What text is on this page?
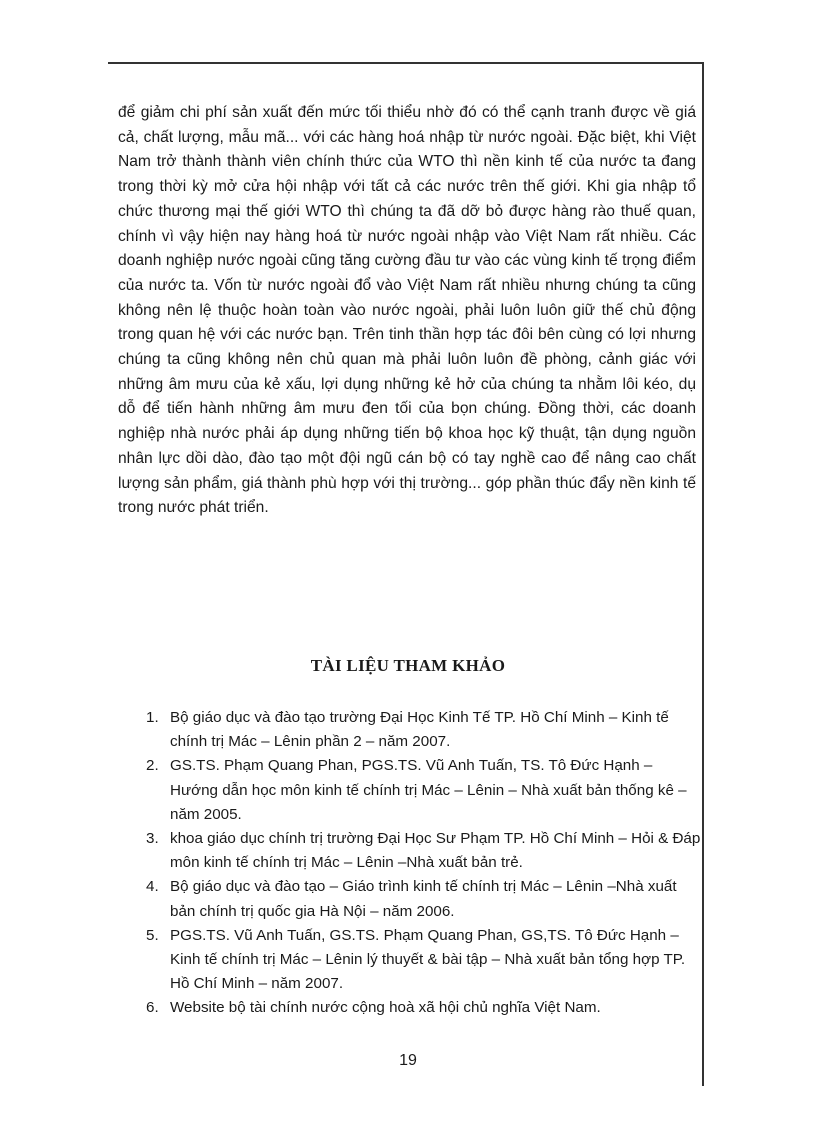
để giảm chi phí sản xuất đến mức tối thiểu nhờ đó có thể cạnh tranh được về giá cả, chất lượng, mẫu mã... với các hàng hoá nhập từ nước ngoài. Đặc biệt, khi Việt Nam trở thành thành viên chính thức của WTO thì nền kinh tế của nước ta đang trong thời kỳ mở cửa hội nhập với tất cả các nước trên thế giới. Khi gia nhập tổ chức thương mại thế giới WTO thì chúng ta đã dỡ bỏ được hàng rào thuế quan, chính vì vậy hiện nay hàng hoá từ nước ngoài nhập vào Việt Nam rất nhiều. Các doanh nghiệp nước ngoài cũng tăng cường đầu tư vào các vùng kinh tế trọng điểm của nước ta. Vốn từ nước ngoài đổ vào Việt Nam rất nhiều nhưng chúng ta cũng không nên lệ thuộc hoàn toàn vào nước ngoài, phải luôn luôn giữ thế chủ động trong quan hệ với các nước bạn. Trên tinh thần hợp tác đôi bên cùng có lợi nhưng chúng ta cũng không nên chủ quan mà phải luôn luôn đề phòng, cảnh giác với những âm mưu của kẻ xấu, lợi dụng những kẻ hở của chúng ta nhằm lôi kéo, dụ dỗ để tiến hành những âm mưu đen tối của bọn chúng. Đồng thời, các doanh nghiệp nhà nước phải áp dụng những tiến bộ khoa học kỹ thuật, tận dụng nguồn nhân lực dồi dào, đào tạo một đội ngũ cán bộ có tay nghề cao để nâng cao chất lượng sản phẩm, giá thành phù hợp với thị trường... góp phần thúc đẩy nền kinh tế trong nước phát triển.

TÀI LIỆU THAM KHẢO
1. Bộ giáo dục và đào tạo trường Đại Học Kinh Tế TP. Hồ Chí Minh – Kinh tế chính trị Mác – Lênin phần 2 – năm 2007.
2. GS.TS. Phạm Quang Phan, PGS.TS. Vũ Anh Tuấn, TS. Tô Đức Hạnh – Hướng dẫn học môn kinh tế chính trị Mác – Lênin – Nhà xuất bản thống kê – năm 2005.
3. khoa giáo dục chính trị trường Đại Học Sư Phạm TP. Hồ Chí Minh – Hỏi & Đáp môn kinh tế chính trị Mác – Lênin –Nhà xuất bản trẻ.
4. Bộ giáo dục và đào tạo – Giáo trình kinh tế chính trị Mác – Lênin –Nhà xuất bản chính trị quốc gia Hà Nội – năm 2006.
5. PGS.TS. Vũ Anh Tuấn, GS.TS. Phạm Quang Phan, GS,TS. Tô Đức Hạnh – Kinh tế chính trị Mác – Lênin lý thuyết & bài tập – Nhà xuất bản tổng hợp TP. Hồ Chí Minh – năm 2007.
6. Website bộ tài chính nước cộng hoà xã hội chủ nghĩa Việt Nam.

19
